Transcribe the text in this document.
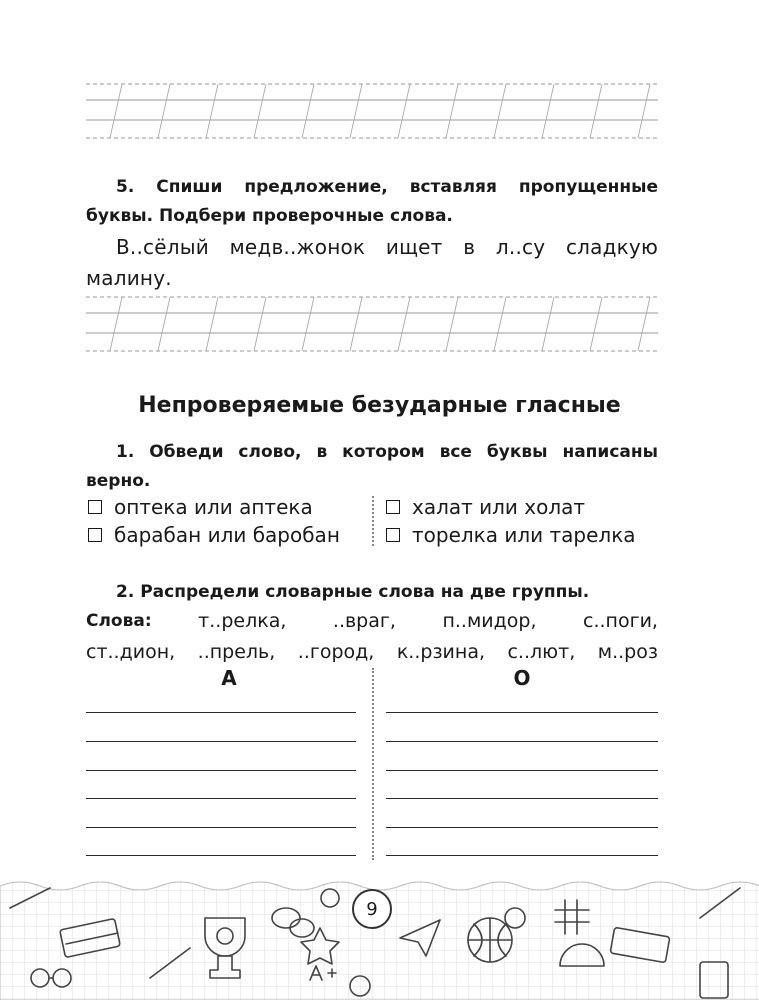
5. Спиши предложение, вставляя пропущенные буквы. Подбери проверочные слова.
В..сёлый медв..жонок ищет в л..су сладкую малину.
Непроверяемые безударные гласные
1. Обведи слово, в котором все буквы написаны верно.
оптека или аптека	халат или холат
барабан или баробан	торелка или тарелка
2. Распредели словарные слова на две группы.
Слова: т..релка, ..враг, п..мидор, с..поги,
ст..дион, ..прель, ..город, к..рзина, с..лют, м..роз
А	О
9
